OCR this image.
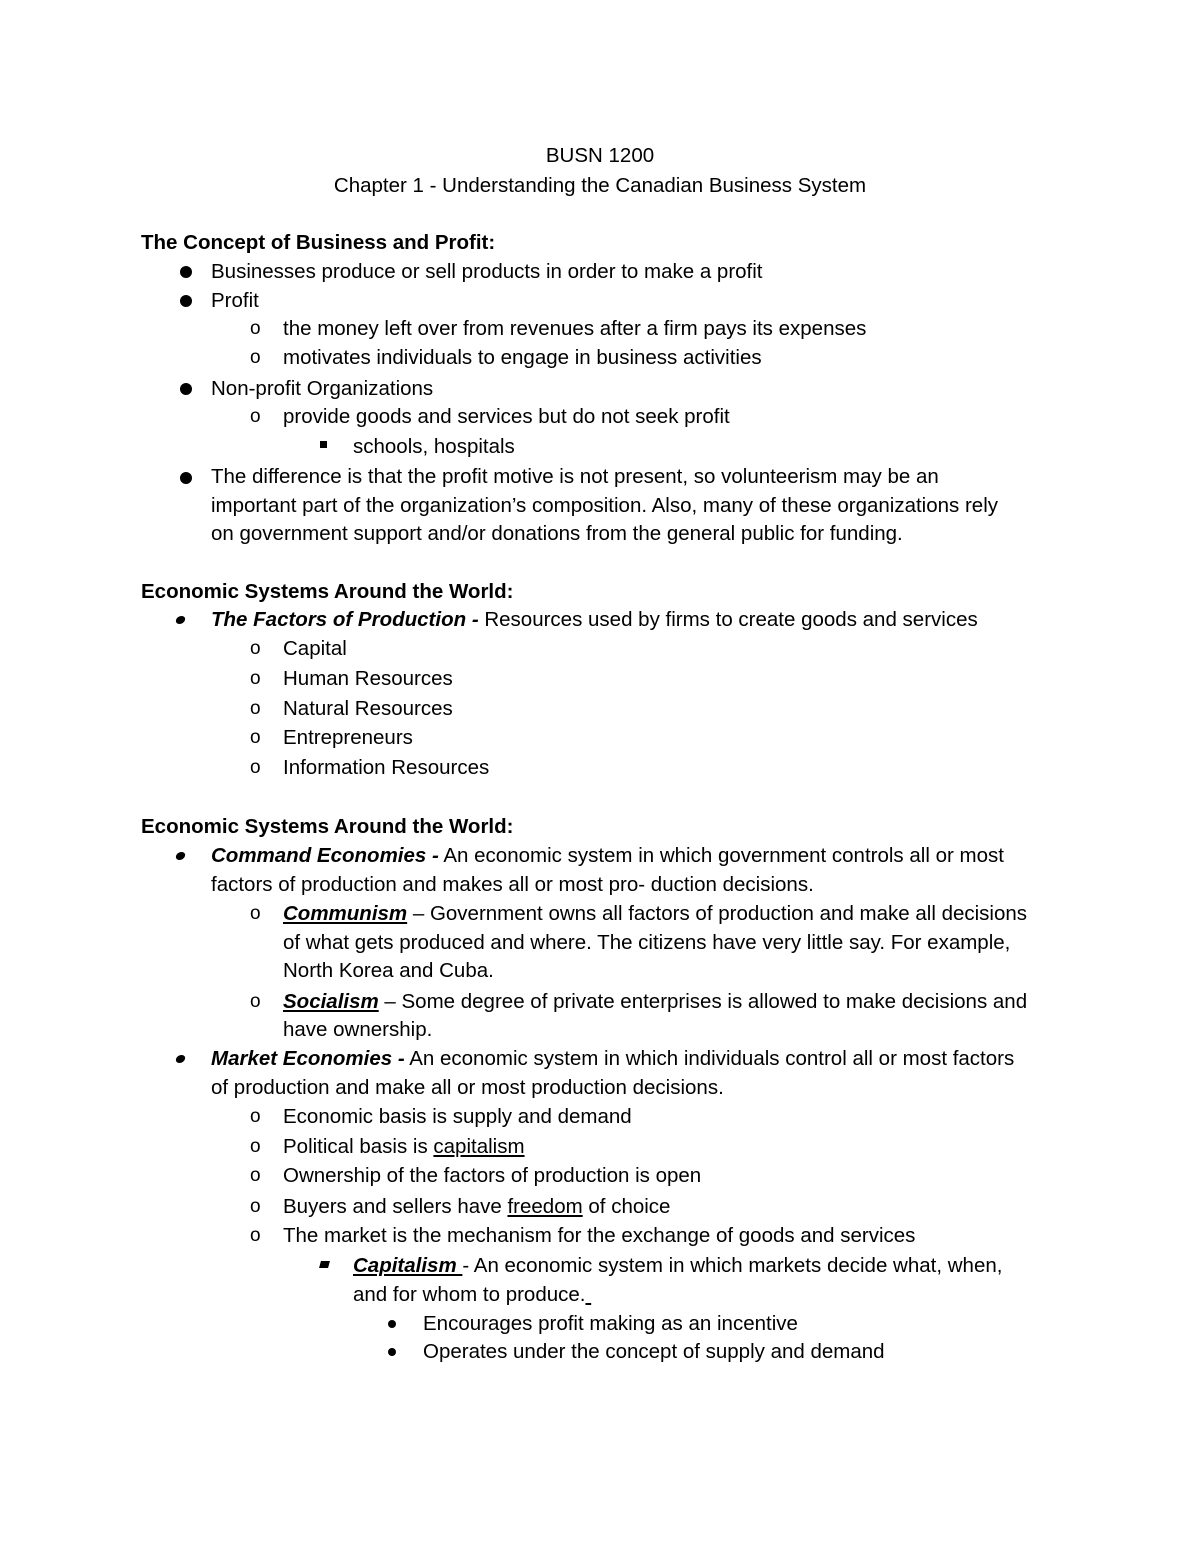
BUSN 1200
Chapter 1 - Understanding the Canadian Business System
The Concept of Business and Profit:
Businesses produce or sell products in order to make a profit
Profit
o the money left over from revenues after a firm pays its expenses
o motivates individuals to engage in business activities
Non-profit Organizations
o provide goods and services but do not seek profit
schools, hospitals
The difference is that the profit motive is not present, so volunteerism may be an
important part of the organization’s composition. Also, many of these organizations rely
on government support and/or donations from the general public for funding.
Economic Systems Around the World:
The Factors of Production - Resources used by firms to create goods and services
o Capital
o Human Resources
o Natural Resources
o Entrepreneurs
o Information Resources
Economic Systems Around the World:
Command Economies - An economic system in which government controls all or most
factors of production and makes all or most pro- duction decisions.
o Communism – Government owns all factors of production and make all decisions
of what gets produced and where. The citizens have very little say. For example,
North Korea and Cuba.
o Socialism – Some degree of private enterprises is allowed to make decisions and
have ownership.
Market Economies - An economic system in which individuals control all or most factors
of production and make all or most production decisions.
o Economic basis is supply and demand
o Political basis is capitalism
o Ownership of the factors of production is open
o Buyers and sellers have freedom of choice
o The market is the mechanism for the exchange of goods and services
Capitalism - An economic system in which markets decide what, when,
and for whom to produce.
Encourages profit making as an incentive
Operates under the concept of supply and demand
